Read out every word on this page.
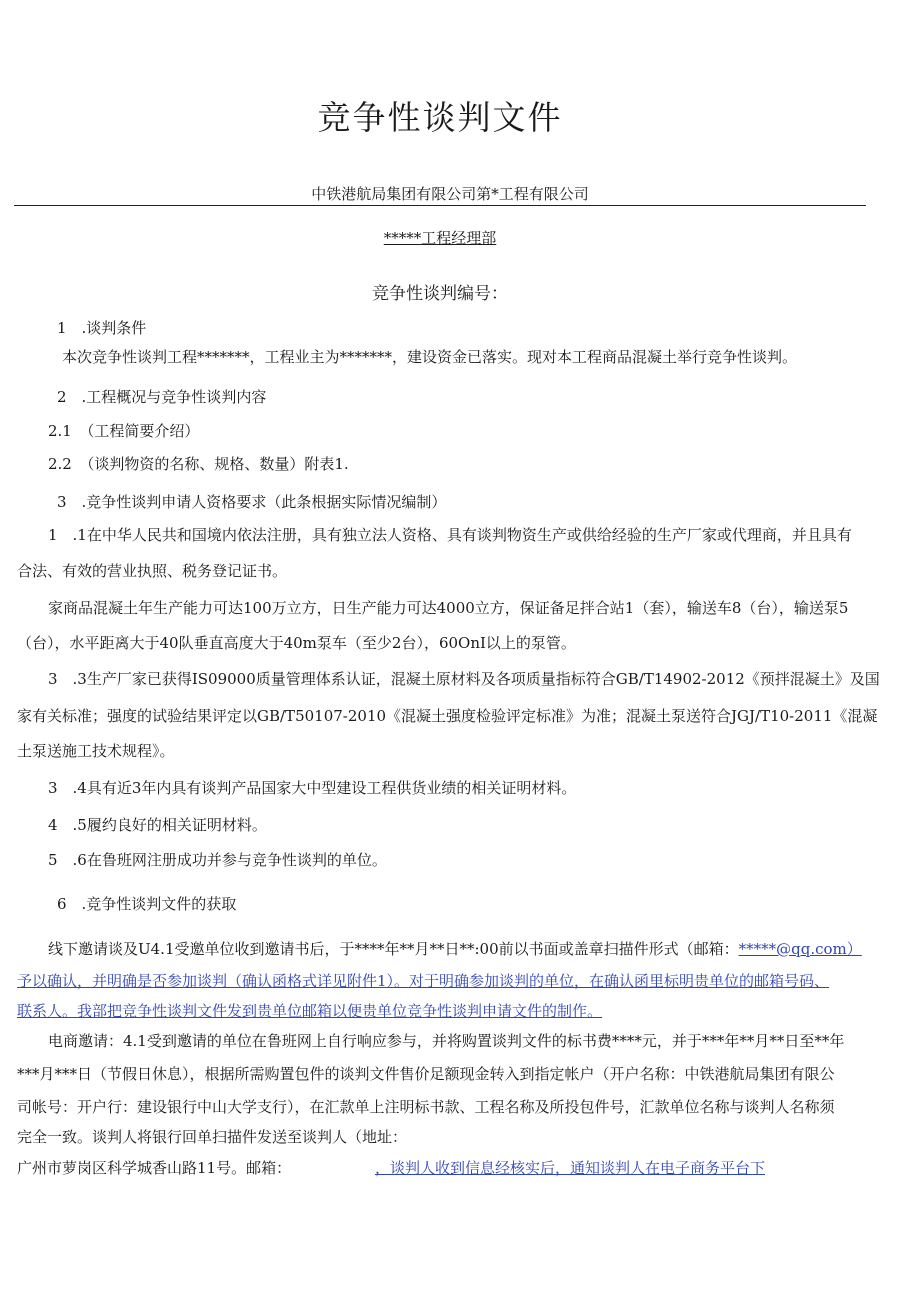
竞争性谈判文件
中铁港航局集团有限公司第*工程有限公司
*****工程经理部
竞争性谈判编号：
1　.谈判条件
本次竞争性谈判工程*******，工程业主为*******，建设资金已落实。现对本工程商品混凝土举行竞争性谈判。
2　.工程概况与竞争性谈判内容
2.1　（工程简要介绍）
2.2　（谈判物资的名称、规格、数量）附表1.
3　.竞争性谈判申请人资格要求（此条根据实际情况编制）
1　.1在中华人民共和国境内依法注册，具有独立法人资格、具有谈判物资生产或供给经验的生产厂家或代理商，并且具有
合法、有效的营业执照、税务登记证书。
家商品混凝土年生产能力可达100万立方，日生产能力可达4000立方，保证备足拌合站1（套），输送车8（台），输送泵5
（台），水平距离大于40队垂直高度大于40m泵车（至少2台），60OnI以上的泵管。
3　.3生产厂家已获得IS09000质量管理体系认证，混凝土原材料及各项质量指标符合GB/T14902-2012《预拌混凝土》及国
家有关标准；强度的试验结果评定以GB/T50107-2010《混凝土强度检验评定标准》为准；混凝土泵送符合JGJ/T10-2011《混凝
土泵送施工技术规程》。
3　.4具有近3年内具有谈判产品国家大中型建设工程供货业绩的相关证明材料。
4　.5履约良好的相关证明材料。
5　.6在鲁班网注册成功并参与竞争性谈判的单位。
6　.竞争性谈判文件的获取
线下邀请谈及U4.1受邀单位收到邀请书后，于****年**月**日**:00前以书面或盖章扫描件形式（邮箱：*****@qq.com）
予以确认，并明确是否参加谈判（确认函格式详见附件1）。对于明确参加谈判的单位，在确认函里标明贵单位的邮箱号码、
联系人。我部把竞争性谈判文件发到贵单位邮箱以便贵单位竞争性谈判申请文件的制作。
电商邀请：4.1受到邀请的单位在鲁班网上自行响应参与，并将购置谈判文件的标书费****元，并于***年**月**日至**年
***月***日（节假日休息），根据所需购置包件的谈判文件售价足额现金转入到指定帐户（开户名称：中铁港航局集团有限公
司帐号：开户行：建设银行中山大学支行），在汇款单上注明标书款、工程名称及所投包件号，汇款单位名称与谈判人名称须
完全一致。谈判人将银行回单扫描件发送至谈判人（地址：
广州市萝岗区科学城香山路11号。邮箱：	，谈判人收到信息经核实后，通知谈判人在电子商务平台下
